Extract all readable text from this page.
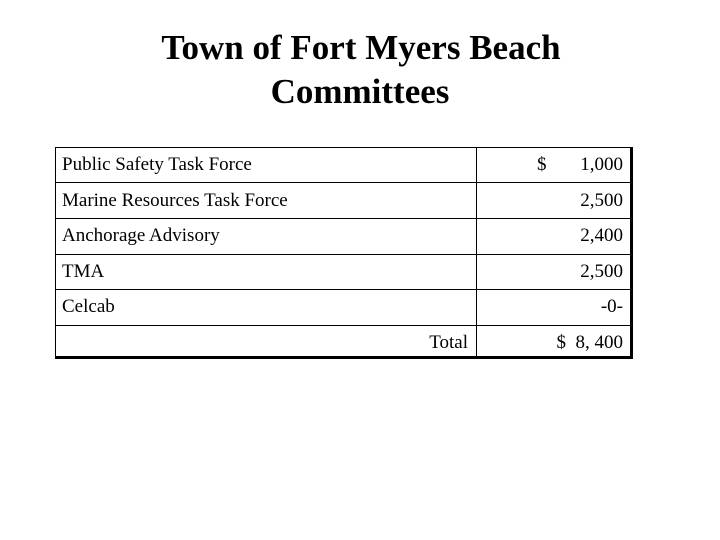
Town of Fort Myers Beach
Committees
Public Safety Task Force	$ 1,000
Marine Resources Task Force	2,500
Anchorage Advisory	2,400
TMA	2,500
Celcab	-0-
Total	$  8, 400
